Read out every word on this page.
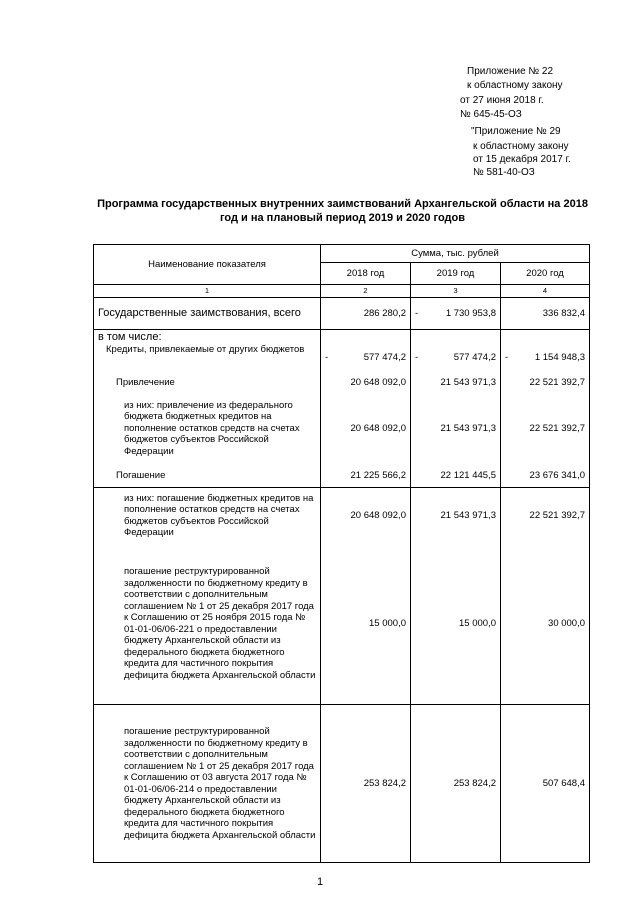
Приложение № 22
к областному закону
от 27 июня 2018 г.
№ 645-45-ОЗ
"Приложение № 29
к областному закону
от 15 декабря 2017 г.
№ 581-40-ОЗ
Программа государственных внутренних заимствований Архангельской области на 2018 год и на плановый период 2019 и 2020 годов
Наименование показателя	Сумма, тыс. рублей		
	2018 год	2019 год	2020 год
1	2	3	4
Государственные заимствования, всего	286 280,2	- 1 730 953,8	336 832,4
в том числе:			
Кредиты, привлекаемые от других бюджетов	- 577 474,2	- 577 474,2	- 1 154 948,3
Привлечение	20 648 092,0	21 543 971,3	22 521 392,7
из них: привлечение из федерального бюджета бюджетных кредитов на пополнение остатков средств на счетах бюджетов субъектов Российской Федерации	20 648 092,0	21 543 971,3	22 521 392,7
Погашение	21 225 566,2	22 121 445,5	23 676 341,0
из них: погашение бюджетных кредитов на пополнение остатков средств на счетах бюджетов субъектов Российской Федерации	20 648 092,0	21 543 971,3	22 521 392,7
погашение реструктурированной задолженности по бюджетному кредиту в соответствии с дополнительным соглашением № 1 от 25 декабря 2017 года к Соглашению от 25 ноября 2015 года № 01-01-06/06-221 о предоставлении бюджету Архангельской области из федерального бюджета бюджетного кредита для частичного покрытия дефицита бюджета Архангельской области	15 000,0	15 000,0	30 000,0
погашение реструктурированной задолженности по бюджетному кредиту в соответствии с дополнительным соглашением № 1 от 25 декабря 2017 года к Соглашению от 03 августа 2017 года № 01-01-06/06-214 о предоставлении бюджету Архангельской области из федерального бюджета бюджетного кредита для частичного покрытия дефицита бюджета Архангельской области	253 824,2	253 824,2	507 648,4
1
